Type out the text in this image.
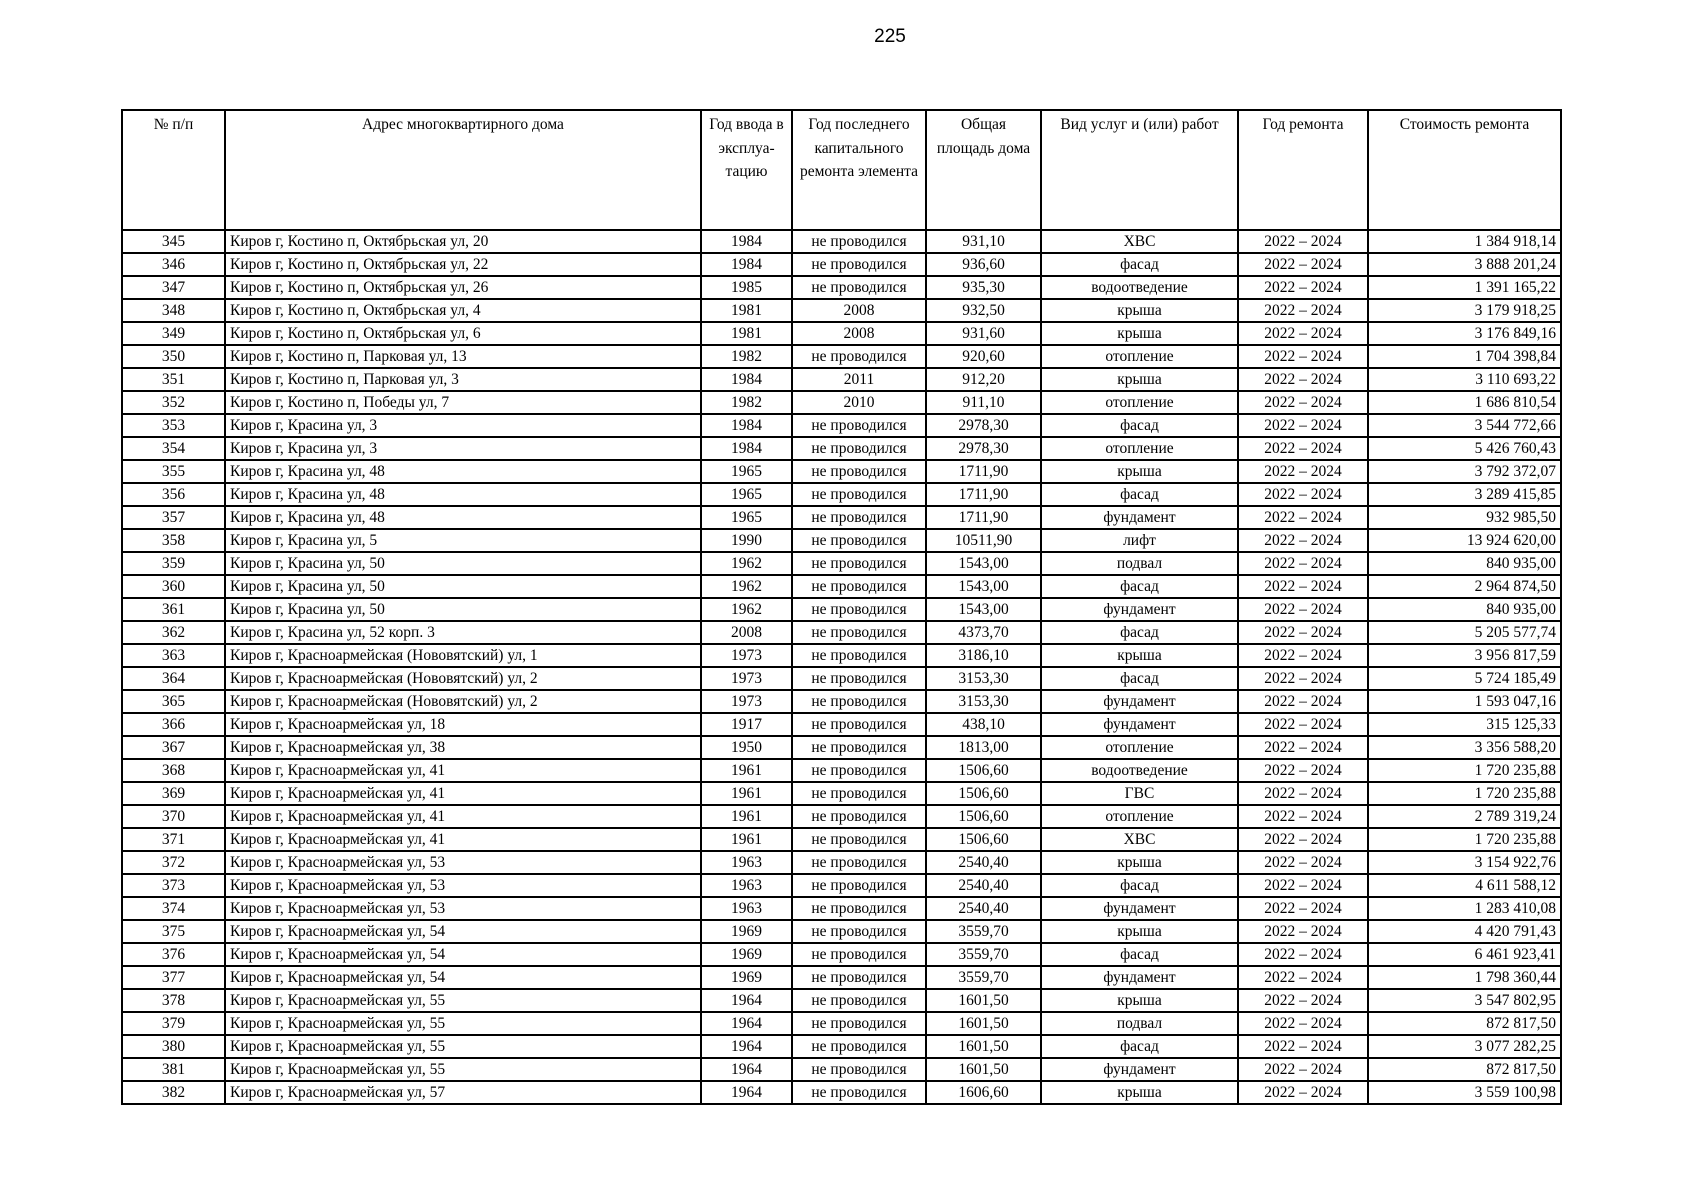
225
№ п/п	Адрес многоквартирного дома	Год ввода в эксплуа-тацию	Год последнего капитального ремонта элемента	Общая площадь дома	Вид услуг и (или) работ	Год ремонта	Стоимость ремонта
345	Киров г, Костино п, Октябрьская ул, 20	1984	не проводился	931,10	ХВС	2022 – 2024	1 384 918,14
346	Киров г, Костино п, Октябрьская ул, 22	1984	не проводился	936,60	фасад	2022 – 2024	3 888 201,24
347	Киров г, Костино п, Октябрьская ул, 26	1985	не проводился	935,30	водоотведение	2022 – 2024	1 391 165,22
348	Киров г, Костино п, Октябрьская ул, 4	1981	2008	932,50	крыша	2022 – 2024	3 179 918,25
349	Киров г, Костино п, Октябрьская ул, 6	1981	2008	931,60	крыша	2022 – 2024	3 176 849,16
350	Киров г, Костино п, Парковая ул, 13	1982	не проводился	920,60	отопление	2022 – 2024	1 704 398,84
351	Киров г, Костино п, Парковая ул, 3	1984	2011	912,20	крыша	2022 – 2024	3 110 693,22
352	Киров г, Костино п, Победы ул, 7	1982	2010	911,10	отопление	2022 – 2024	1 686 810,54
353	Киров г, Красина ул, 3	1984	не проводился	2978,30	фасад	2022 – 2024	3 544 772,66
354	Киров г, Красина ул, 3	1984	не проводился	2978,30	отопление	2022 – 2024	5 426 760,43
355	Киров г, Красина ул, 48	1965	не проводился	1711,90	крыша	2022 – 2024	3 792 372,07
356	Киров г, Красина ул, 48	1965	не проводился	1711,90	фасад	2022 – 2024	3 289 415,85
357	Киров г, Красина ул, 48	1965	не проводился	1711,90	фундамент	2022 – 2024	932 985,50
358	Киров г, Красина ул, 5	1990	не проводился	10511,90	лифт	2022 – 2024	13 924 620,00
359	Киров г, Красина ул, 50	1962	не проводился	1543,00	подвал	2022 – 2024	840 935,00
360	Киров г, Красина ул, 50	1962	не проводился	1543,00	фасад	2022 – 2024	2 964 874,50
361	Киров г, Красина ул, 50	1962	не проводился	1543,00	фундамент	2022 – 2024	840 935,00
362	Киров г, Красина ул, 52 корп. 3	2008	не проводился	4373,70	фасад	2022 – 2024	5 205 577,74
363	Киров г, Красноармейская (Нововятский) ул, 1	1973	не проводился	3186,10	крыша	2022 – 2024	3 956 817,59
364	Киров г, Красноармейская (Нововятский) ул, 2	1973	не проводился	3153,30	фасад	2022 – 2024	5 724 185,49
365	Киров г, Красноармейская (Нововятский) ул, 2	1973	не проводился	3153,30	фундамент	2022 – 2024	1 593 047,16
366	Киров г, Красноармейская ул, 18	1917	не проводился	438,10	фундамент	2022 – 2024	315 125,33
367	Киров г, Красноармейская ул, 38	1950	не проводился	1813,00	отопление	2022 – 2024	3 356 588,20
368	Киров г, Красноармейская ул, 41	1961	не проводился	1506,60	водоотведение	2022 – 2024	1 720 235,88
369	Киров г, Красноармейская ул, 41	1961	не проводился	1506,60	ГВС	2022 – 2024	1 720 235,88
370	Киров г, Красноармейская ул, 41	1961	не проводился	1506,60	отопление	2022 – 2024	2 789 319,24
371	Киров г, Красноармейская ул, 41	1961	не проводился	1506,60	ХВС	2022 – 2024	1 720 235,88
372	Киров г, Красноармейская ул, 53	1963	не проводился	2540,40	крыша	2022 – 2024	3 154 922,76
373	Киров г, Красноармейская ул, 53	1963	не проводился	2540,40	фасад	2022 – 2024	4 611 588,12
374	Киров г, Красноармейская ул, 53	1963	не проводился	2540,40	фундамент	2022 – 2024	1 283 410,08
375	Киров г, Красноармейская ул, 54	1969	не проводился	3559,70	крыша	2022 – 2024	4 420 791,43
376	Киров г, Красноармейская ул, 54	1969	не проводился	3559,70	фасад	2022 – 2024	6 461 923,41
377	Киров г, Красноармейская ул, 54	1969	не проводился	3559,70	фундамент	2022 – 2024	1 798 360,44
378	Киров г, Красноармейская ул, 55	1964	не проводился	1601,50	крыша	2022 – 2024	3 547 802,95
379	Киров г, Красноармейская ул, 55	1964	не проводился	1601,50	подвал	2022 – 2024	872 817,50
380	Киров г, Красноармейская ул, 55	1964	не проводился	1601,50	фасад	2022 – 2024	3 077 282,25
381	Киров г, Красноармейская ул, 55	1964	не проводился	1601,50	фундамент	2022 – 2024	872 817,50
382	Киров г, Красноармейская ул, 57	1964	не проводился	1606,60	крыша	2022 – 2024	3 559 100,98
